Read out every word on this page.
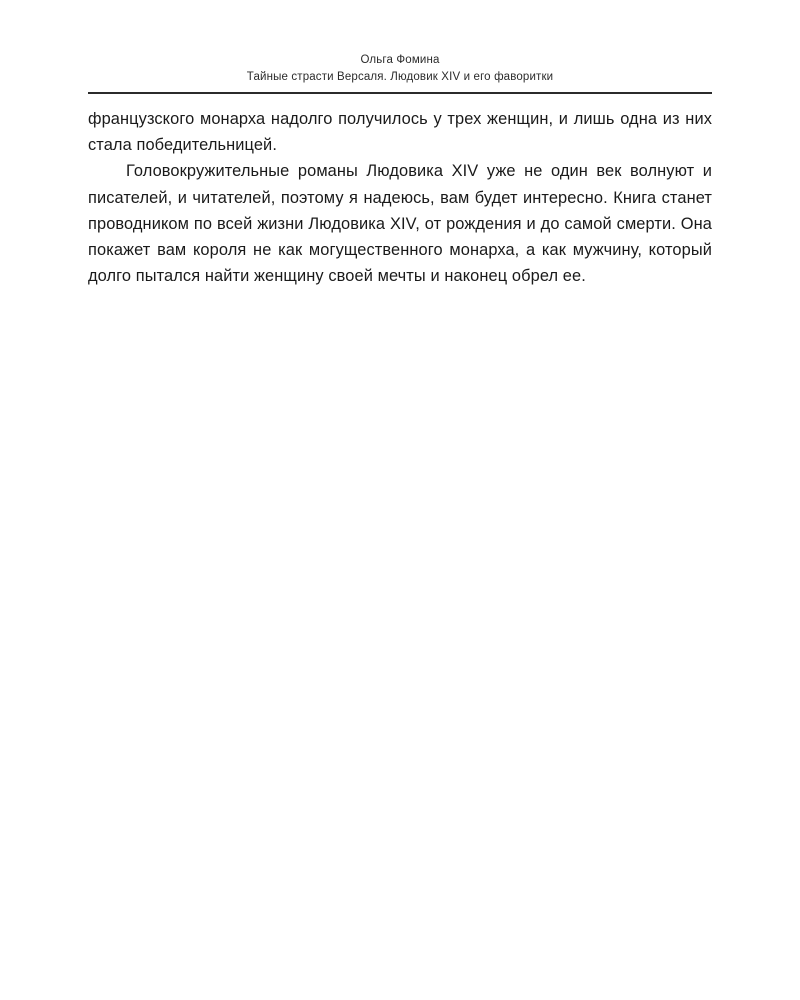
Ольга Фомина
Тайные страсти Версаля. Людовик XIV и его фаворитки

французского монарха надолго получилось у трех женщин, и лишь одна из них стала победительницей.

Головокружительные романы Людовика XIV уже не один век волнуют и писателей, и читателей, поэтому я надеюсь, вам будет интересно. Книга станет проводником по всей жизни Людовика XIV, от рождения и до самой смерти. Она покажет вам короля не как могущественного монарха, а как мужчину, который долго пытался найти женщину своей мечты и наконец обрел ее.
